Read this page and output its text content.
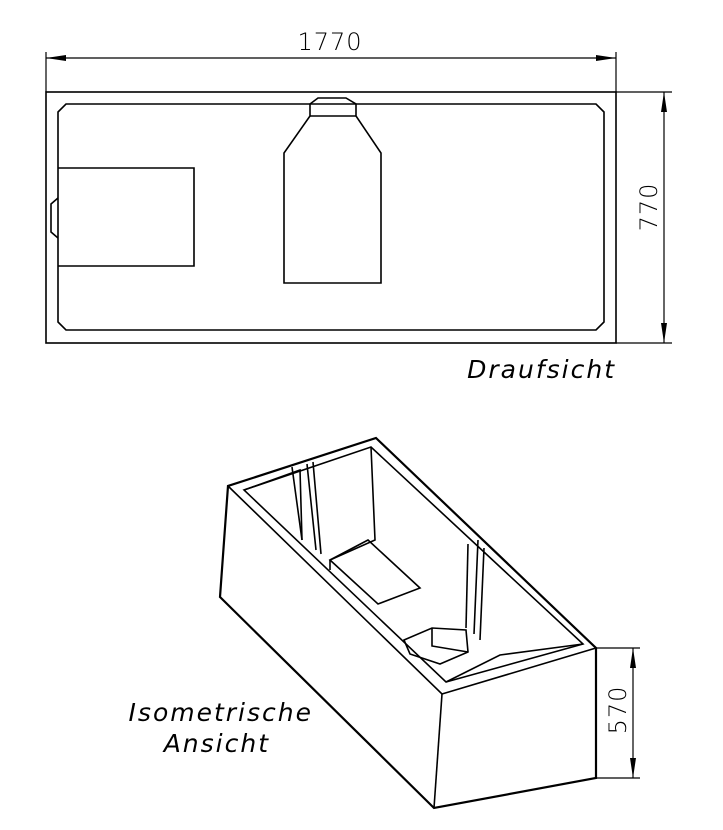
1770
770
Draufsicht
570
Isometrische
Ansicht
